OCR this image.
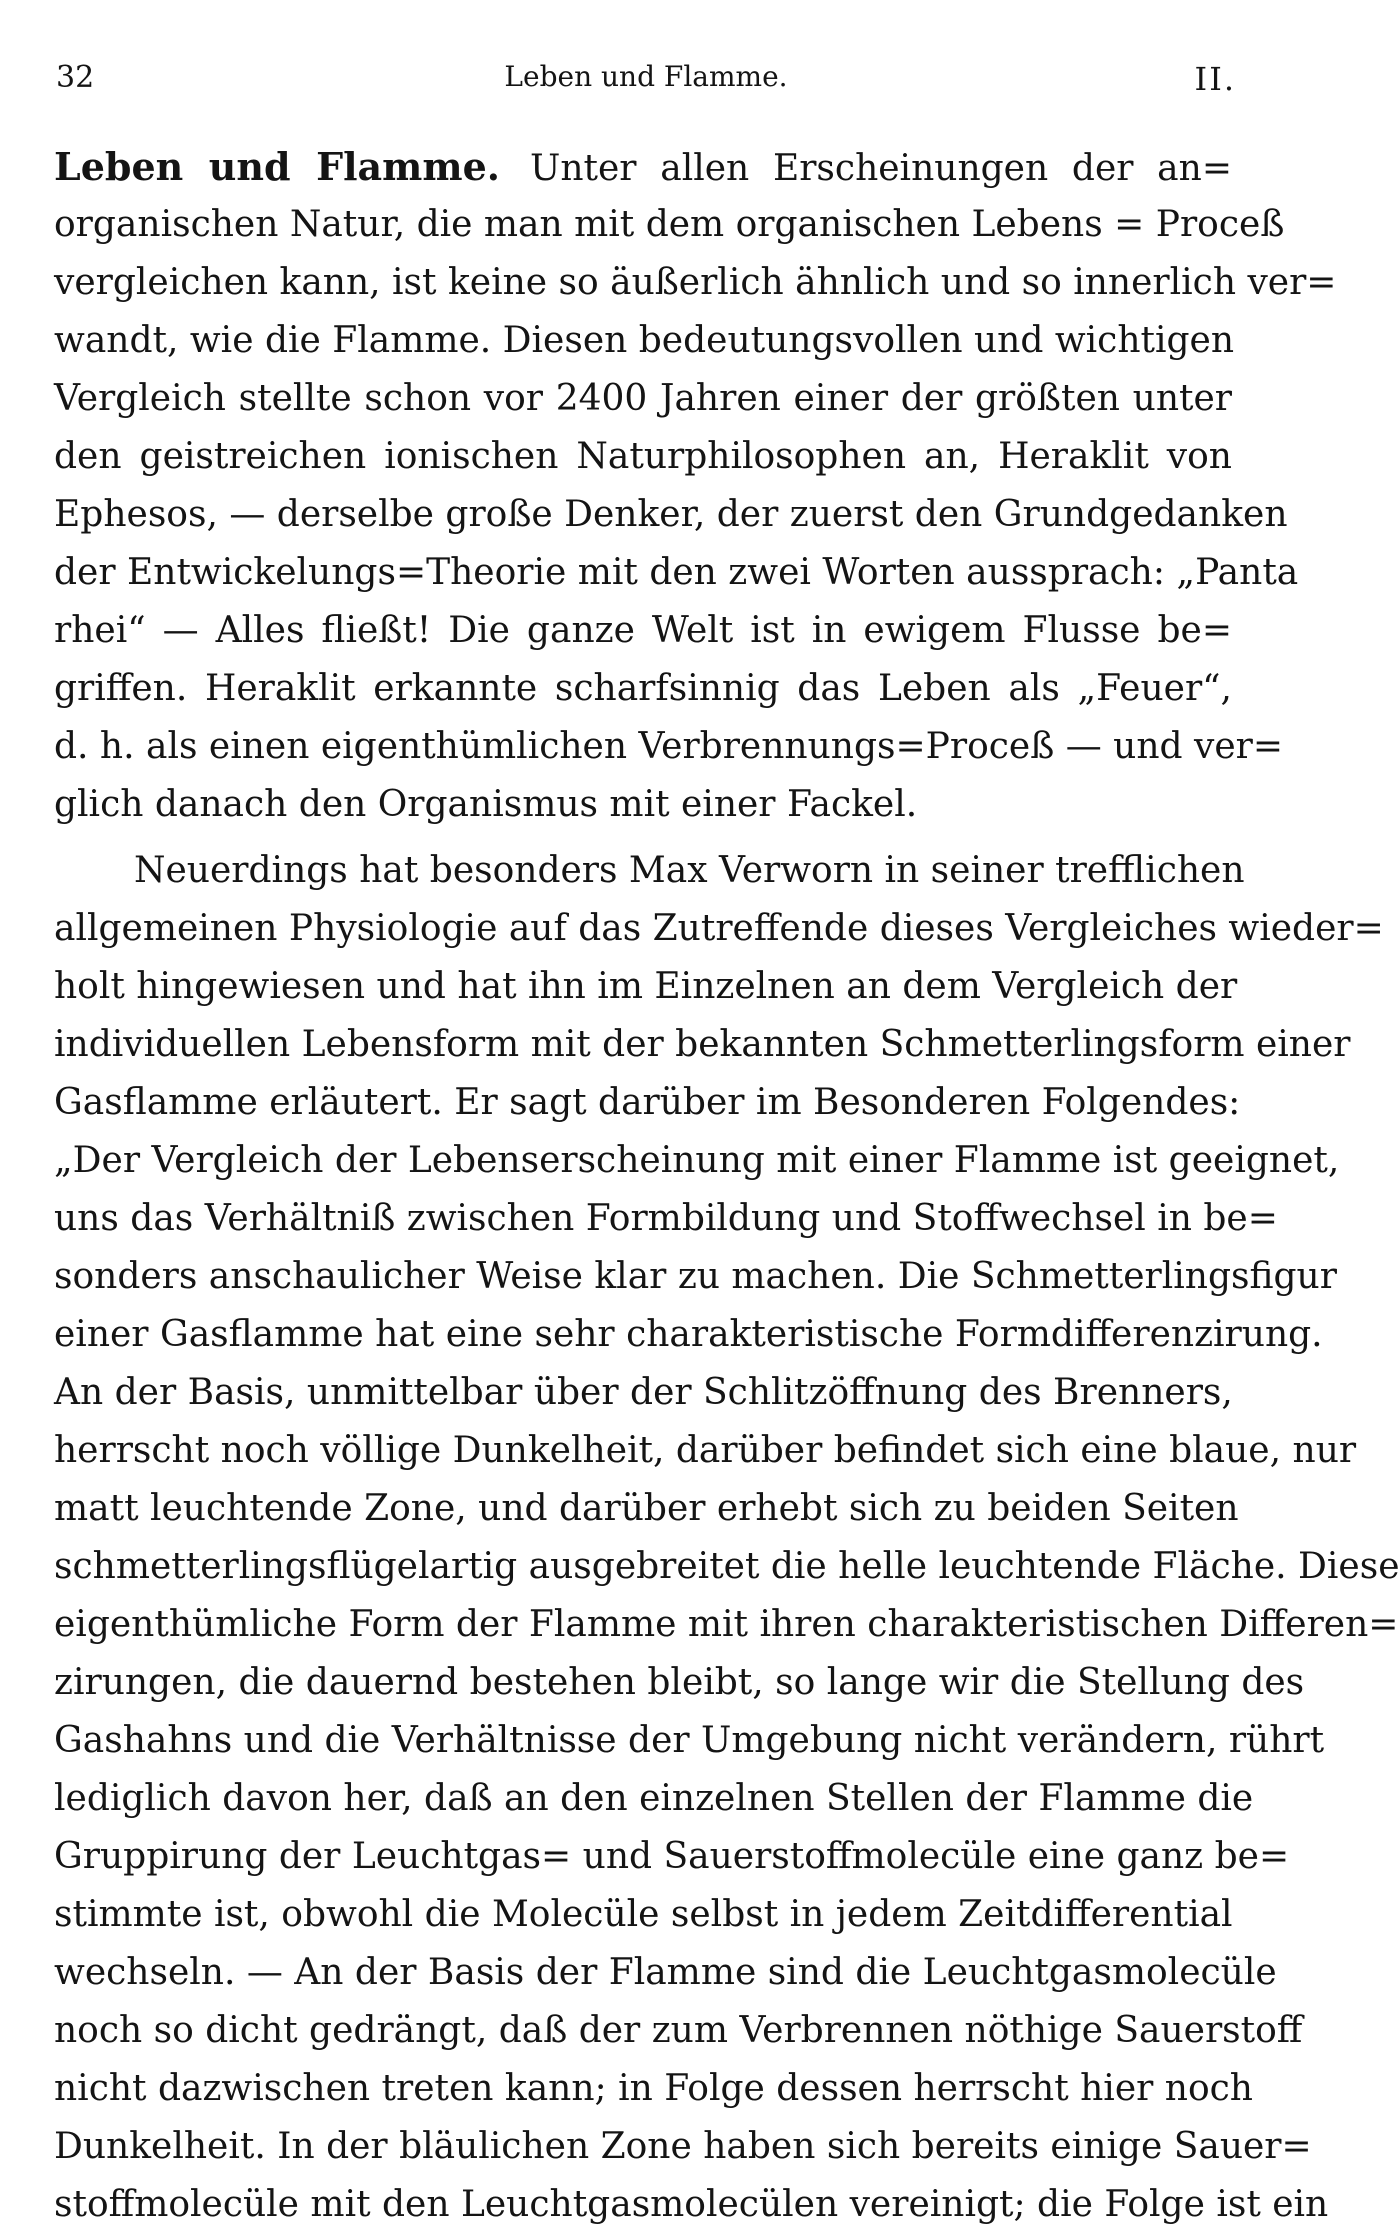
32	Leben und Flamme.	II.
Leben und Flamme. Unter allen Erscheinungen der an=
organischen Natur, die man mit dem organischen Lebens = Proceß
vergleichen kann, ist keine so äußerlich ähnlich und so innerlich ver=
wandt, wie die Flamme. Diesen bedeutungsvollen und wichtigen
Vergleich stellte schon vor 2400 Jahren einer der größten unter
den geistreichen ionischen Naturphilosophen an, Heraklit von
Ephesos, — derselbe große Denker, der zuerst den Grundgedanken
der Entwickelungs=Theorie mit den zwei Worten aussprach: „Panta
rhei“ — Alles fließt! Die ganze Welt ist in ewigem Flusse be=
griffen. Heraklit erkannte scharfsinnig das Leben als „Feuer“,
d. h. als einen eigenthümlichen Verbrennungs=Proceß — und ver=
glich danach den Organismus mit einer Fackel.
Neuerdings hat besonders Max Verworn in seiner trefflichen
allgemeinen Physiologie auf das Zutreffende dieses Vergleiches wieder=
holt hingewiesen und hat ihn im Einzelnen an dem Vergleich der
individuellen Lebensform mit der bekannten Schmetterlingsform einer
Gasflamme erläutert. Er sagt darüber im Besonderen Folgendes:
„Der Vergleich der Lebenserscheinung mit einer Flamme ist geeignet,
uns das Verhältniß zwischen Formbildung und Stoffwechsel in be=
sonders anschaulicher Weise klar zu machen. Die Schmetterlingsfigur
einer Gasflamme hat eine sehr charakteristische Formdifferenzirung.
An der Basis, unmittelbar über der Schlitzöffnung des Brenners,
herrscht noch völlige Dunkelheit, darüber befindet sich eine blaue, nur
matt leuchtende Zone, und darüber erhebt sich zu beiden Seiten
schmetterlingsflügelartig ausgebreitet die helle leuchtende Fläche. Diese
eigenthümliche Form der Flamme mit ihren charakteristischen Differen=
zirungen, die dauernd bestehen bleibt, so lange wir die Stellung des
Gashahns und die Verhältnisse der Umgebung nicht verändern, rührt
lediglich davon her, daß an den einzelnen Stellen der Flamme die
Gruppirung der Leuchtgas= und Sauerstoffmolecüle eine ganz be=
stimmte ist, obwohl die Molecüle selbst in jedem Zeitdifferential
wechseln. — An der Basis der Flamme sind die Leuchtgasmolecüle
noch so dicht gedrängt, daß der zum Verbrennen nöthige Sauerstoff
nicht dazwischen treten kann; in Folge dessen herrscht hier noch
Dunkelheit. In der bläulichen Zone haben sich bereits einige Sauer=
stoffmolecüle mit den Leuchtgasmolecülen vereinigt; die Folge ist ein
